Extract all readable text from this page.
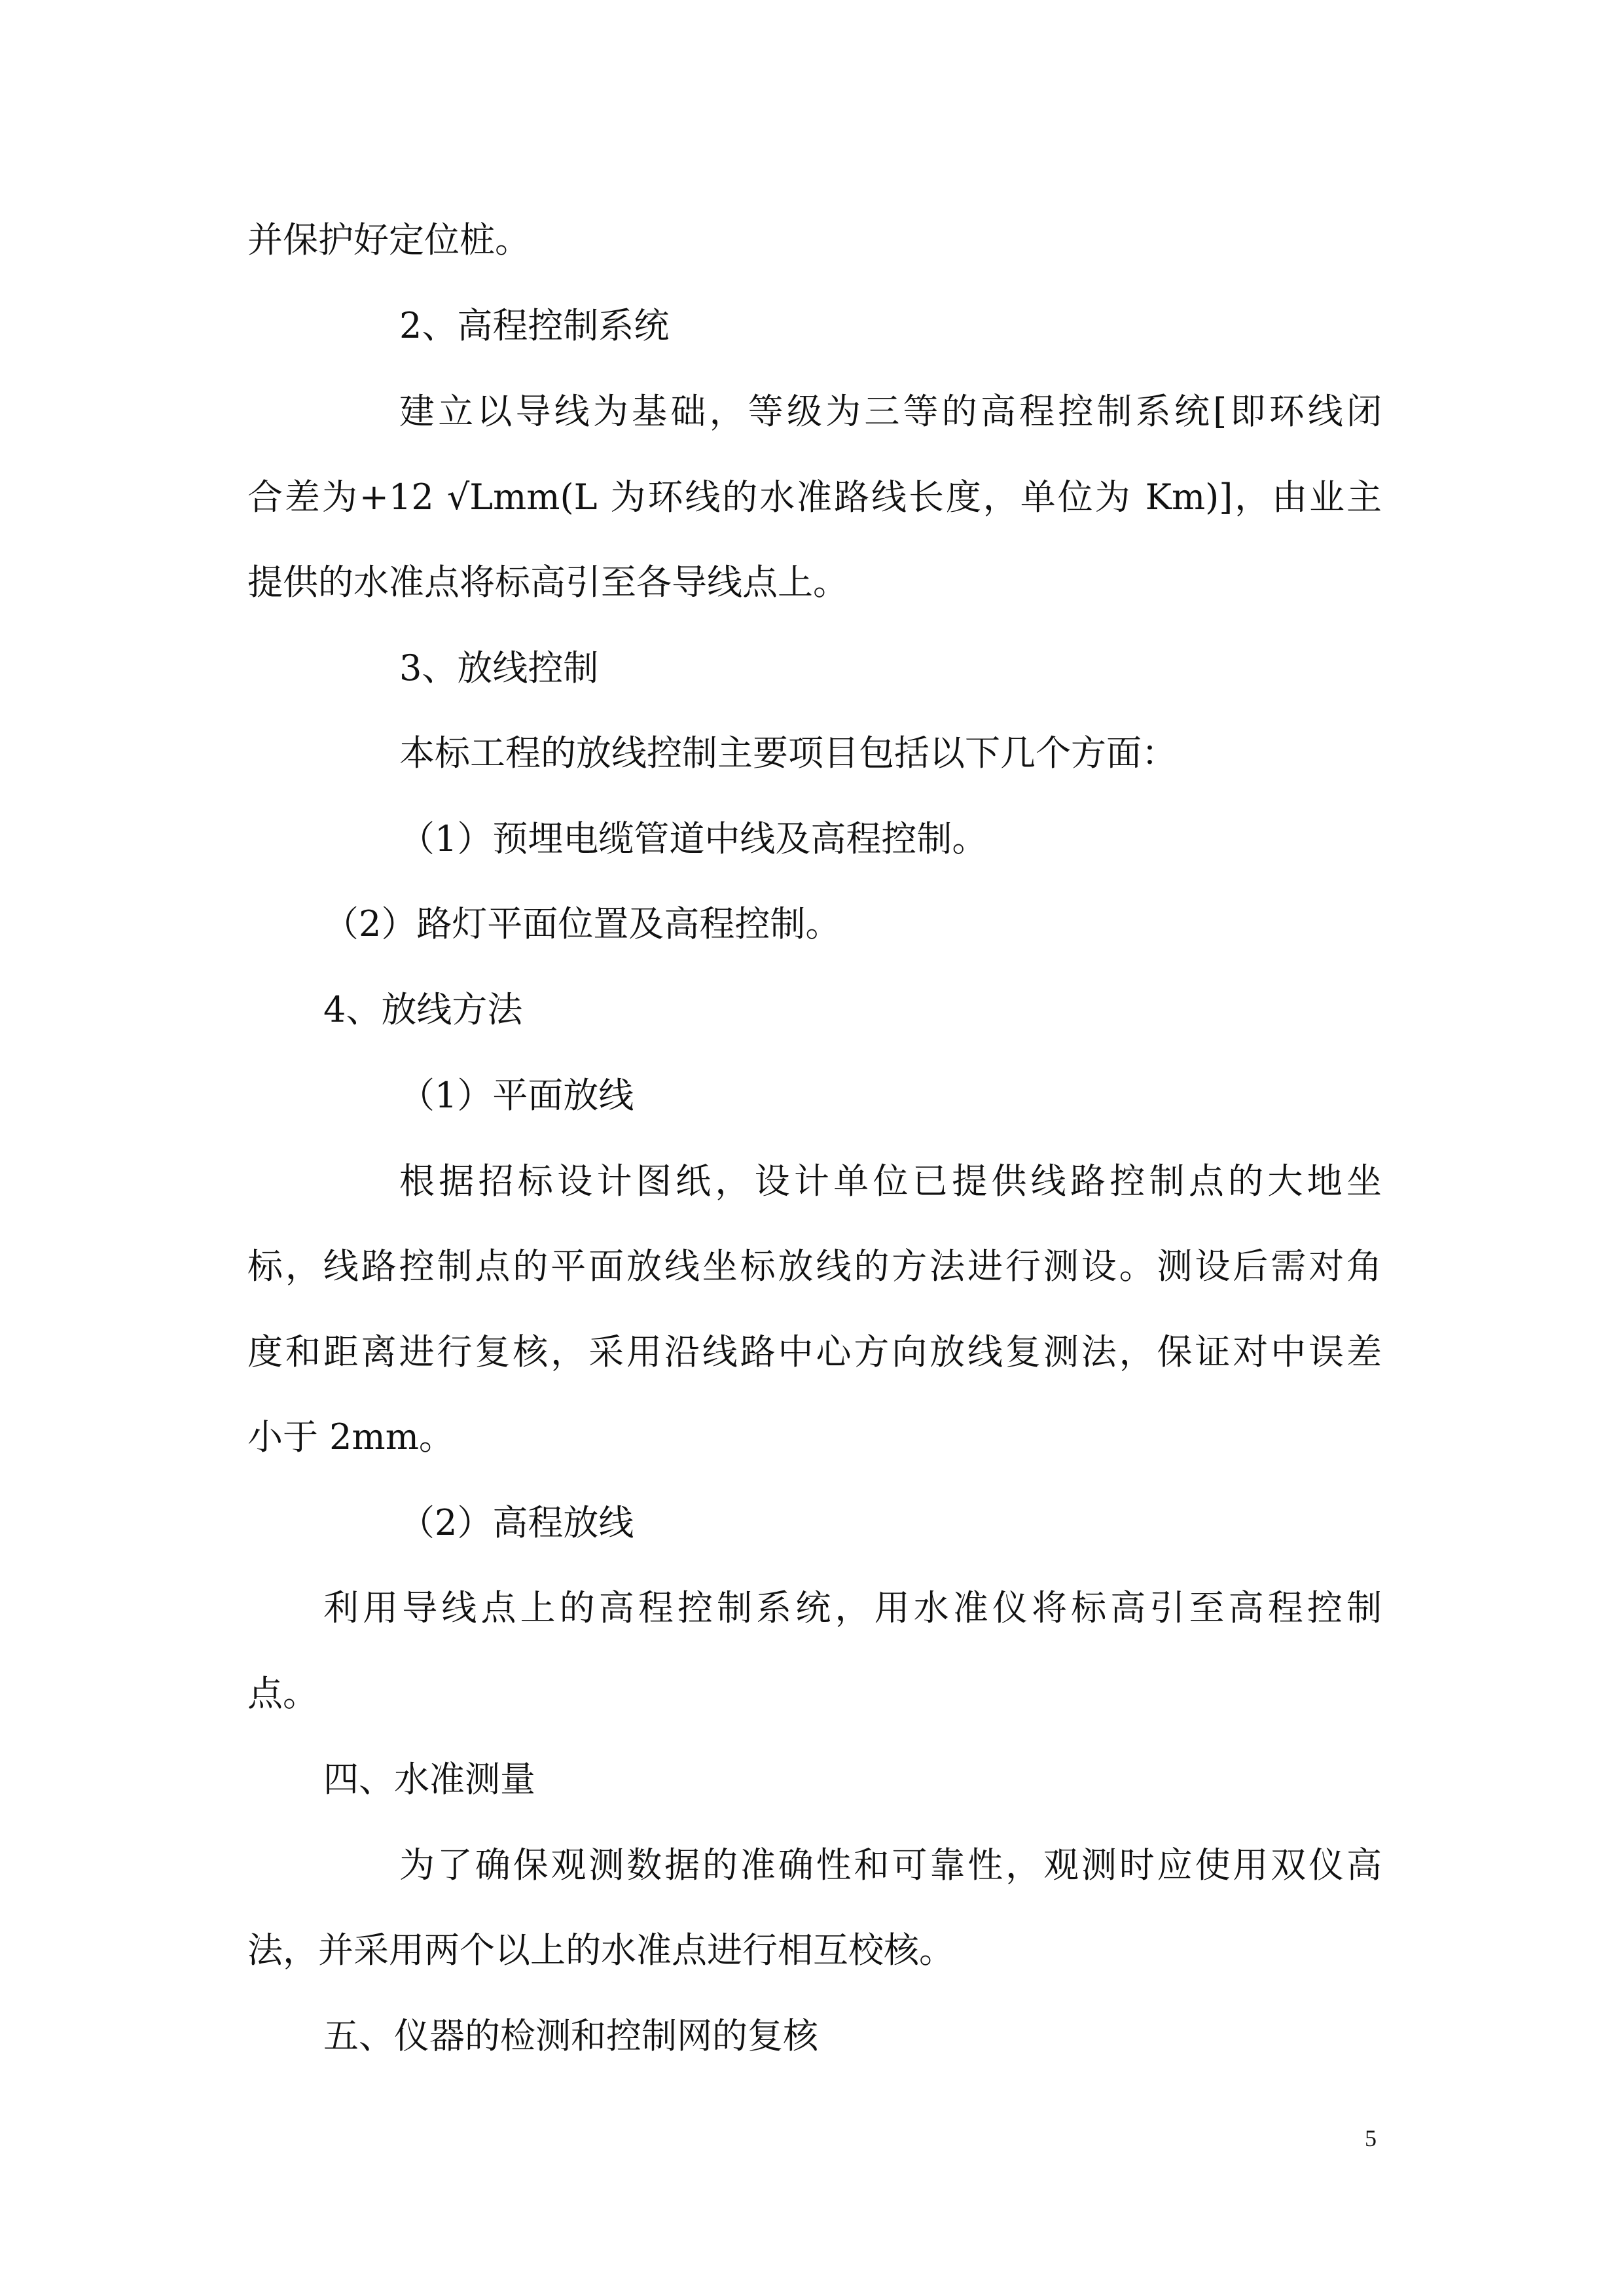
并保护好定位桩。
2、高程控制系统
建立以导线为基础，等级为三等的高程控制系统[即环线闭
合差为+12 √Lmm(L 为环线的水准路线长度，单位为 Km)]，由业主
提供的水准点将标高引至各导线点上。
3、放线控制
本标工程的放线控制主要项目包括以下几个方面：
（1）预埋电缆管道中线及高程控制。
（2）路灯平面位置及高程控制。
4、放线方法
（1）平面放线
根据招标设计图纸，设计单位已提供线路控制点的大地坐
标，线路控制点的平面放线坐标放线的方法进行测设。测设后需对角
度和距离进行复核，采用沿线路中心方向放线复测法，保证对中误差
小于 2mm。
（2）高程放线
利用导线点上的高程控制系统，用水准仪将标高引至高程控制
点。
四、水准测量
为了确保观测数据的准确性和可靠性，观测时应使用双仪高
法，并采用两个以上的水准点进行相互校核。
五、仪器的检测和控制网的复核
5
